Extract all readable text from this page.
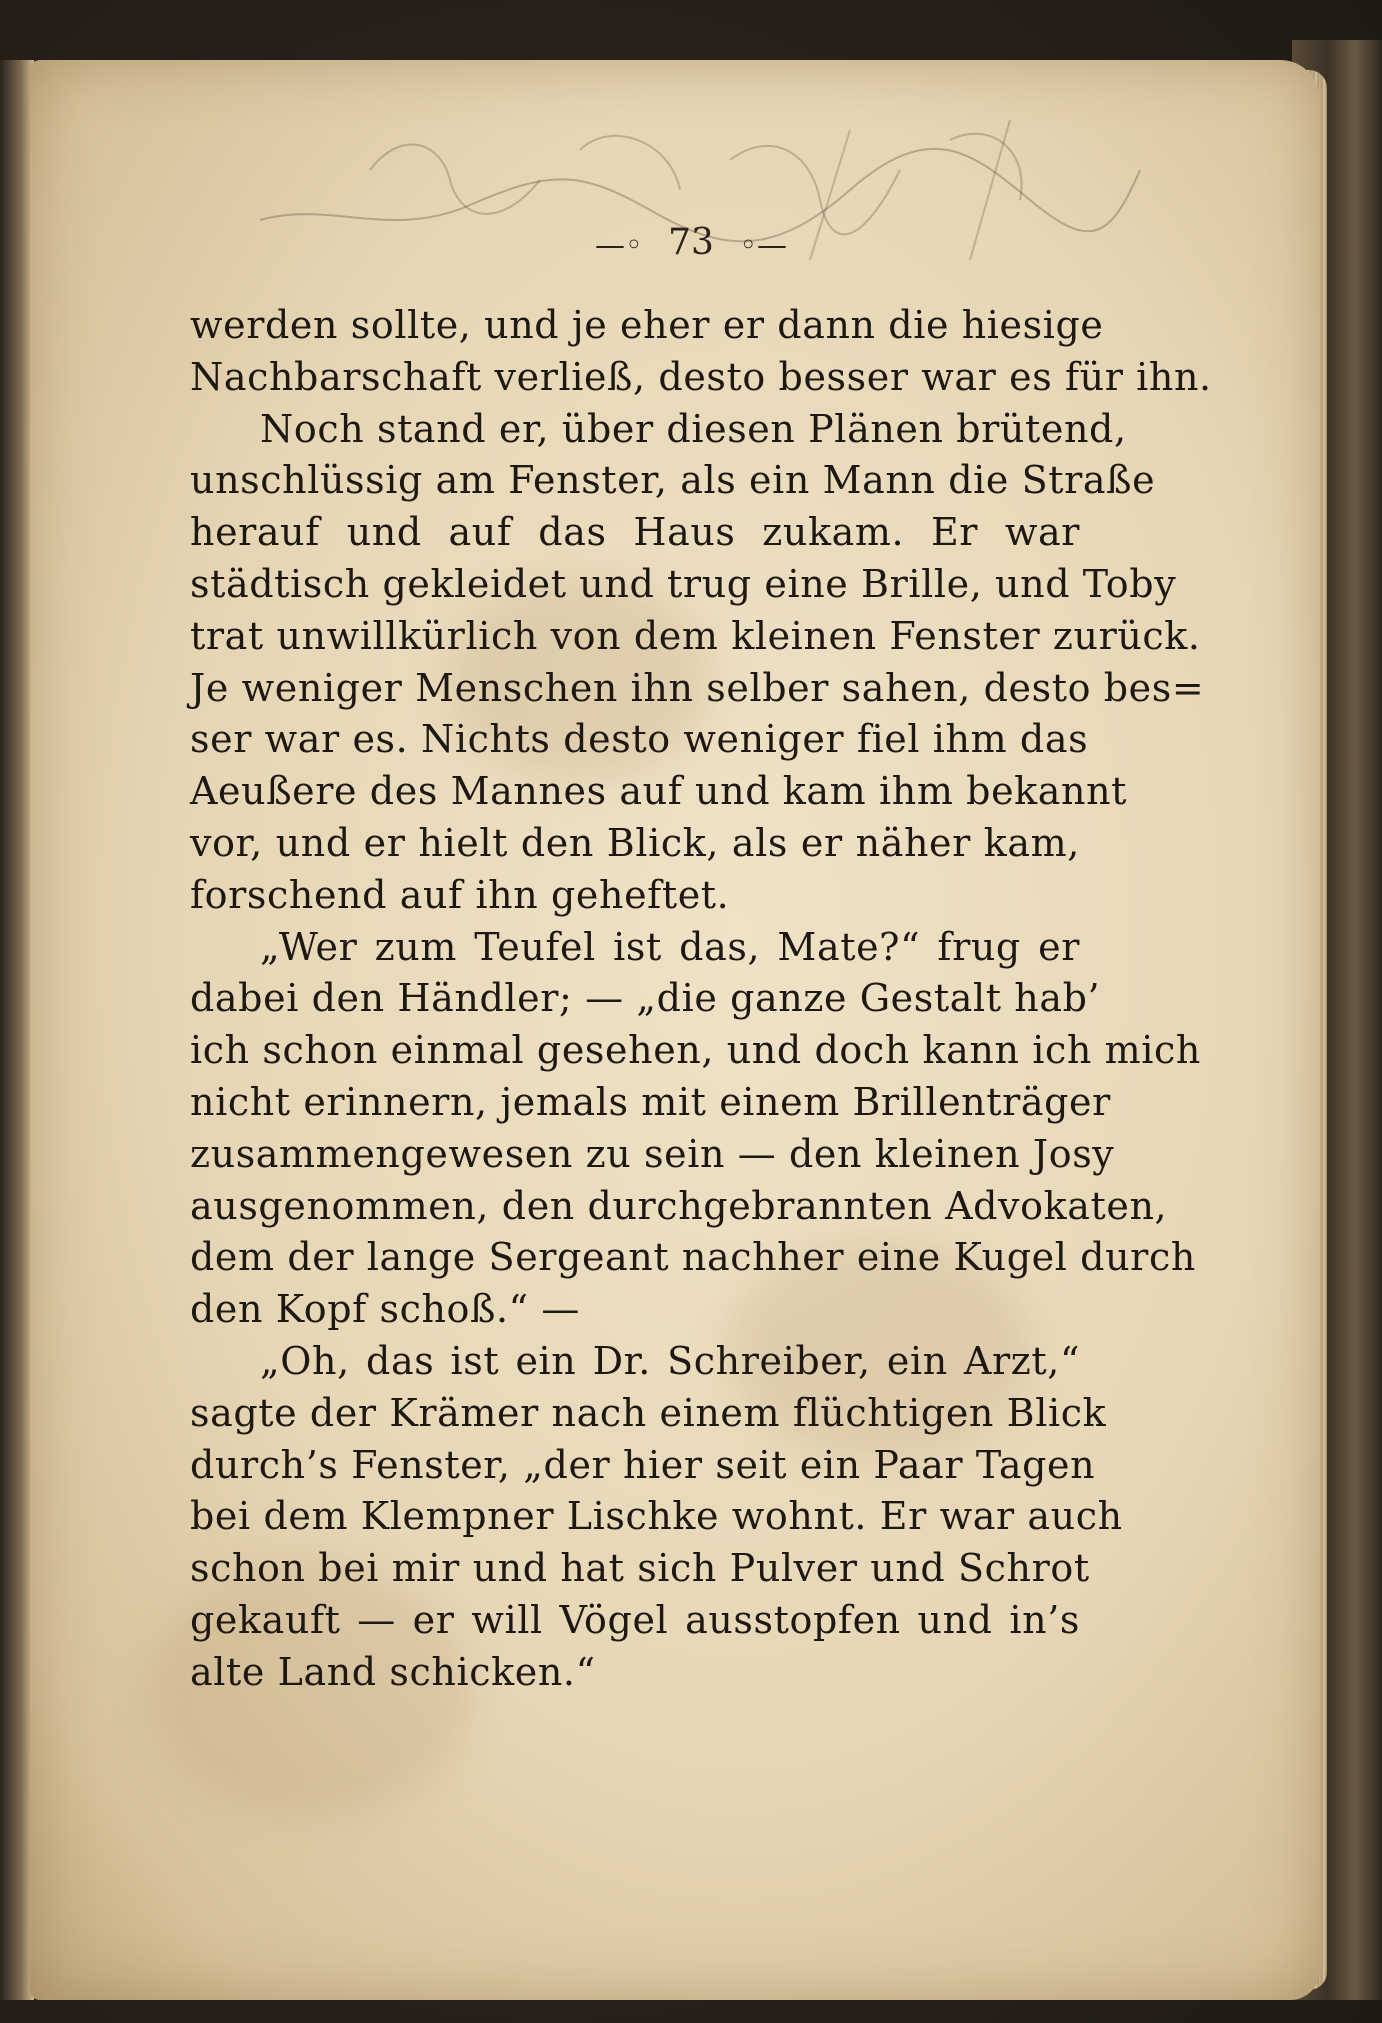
—◦ 73 ◦—
werden sollte, und je eher er dann die hiesige
Nachbarschaft verließ, desto besser war es für ihn.
Noch stand er, über diesen Plänen brütend,
unschlüssig am Fenster, als ein Mann die Straße
herauf und auf das Haus zukam. Er war
städtisch gekleidet und trug eine Brille, und Toby
trat unwillkürlich von dem kleinen Fenster zurück.
Je weniger Menschen ihn selber sahen, desto bes=
ser war es. Nichts desto weniger fiel ihm das
Aeußere des Mannes auf und kam ihm bekannt
vor, und er hielt den Blick, als er näher kam,
forschend auf ihn geheftet.
„Wer zum Teufel ist das, Mate?“ frug er
dabei den Händler; — „die ganze Gestalt hab’
ich schon einmal gesehen, und doch kann ich mich
nicht erinnern, jemals mit einem Brillenträger
zusammengewesen zu sein — den kleinen Josy
ausgenommen, den durchgebrannten Advokaten,
dem der lange Sergeant nachher eine Kugel durch
den Kopf schoß.“ —
„Oh, das ist ein Dr. Schreiber, ein Arzt,“
sagte der Krämer nach einem flüchtigen Blick
durch’s Fenster, „der hier seit ein Paar Tagen
bei dem Klempner Lischke wohnt. Er war auch
schon bei mir und hat sich Pulver und Schrot
gekauft — er will Vögel ausstopfen und in’s
alte Land schicken.“
